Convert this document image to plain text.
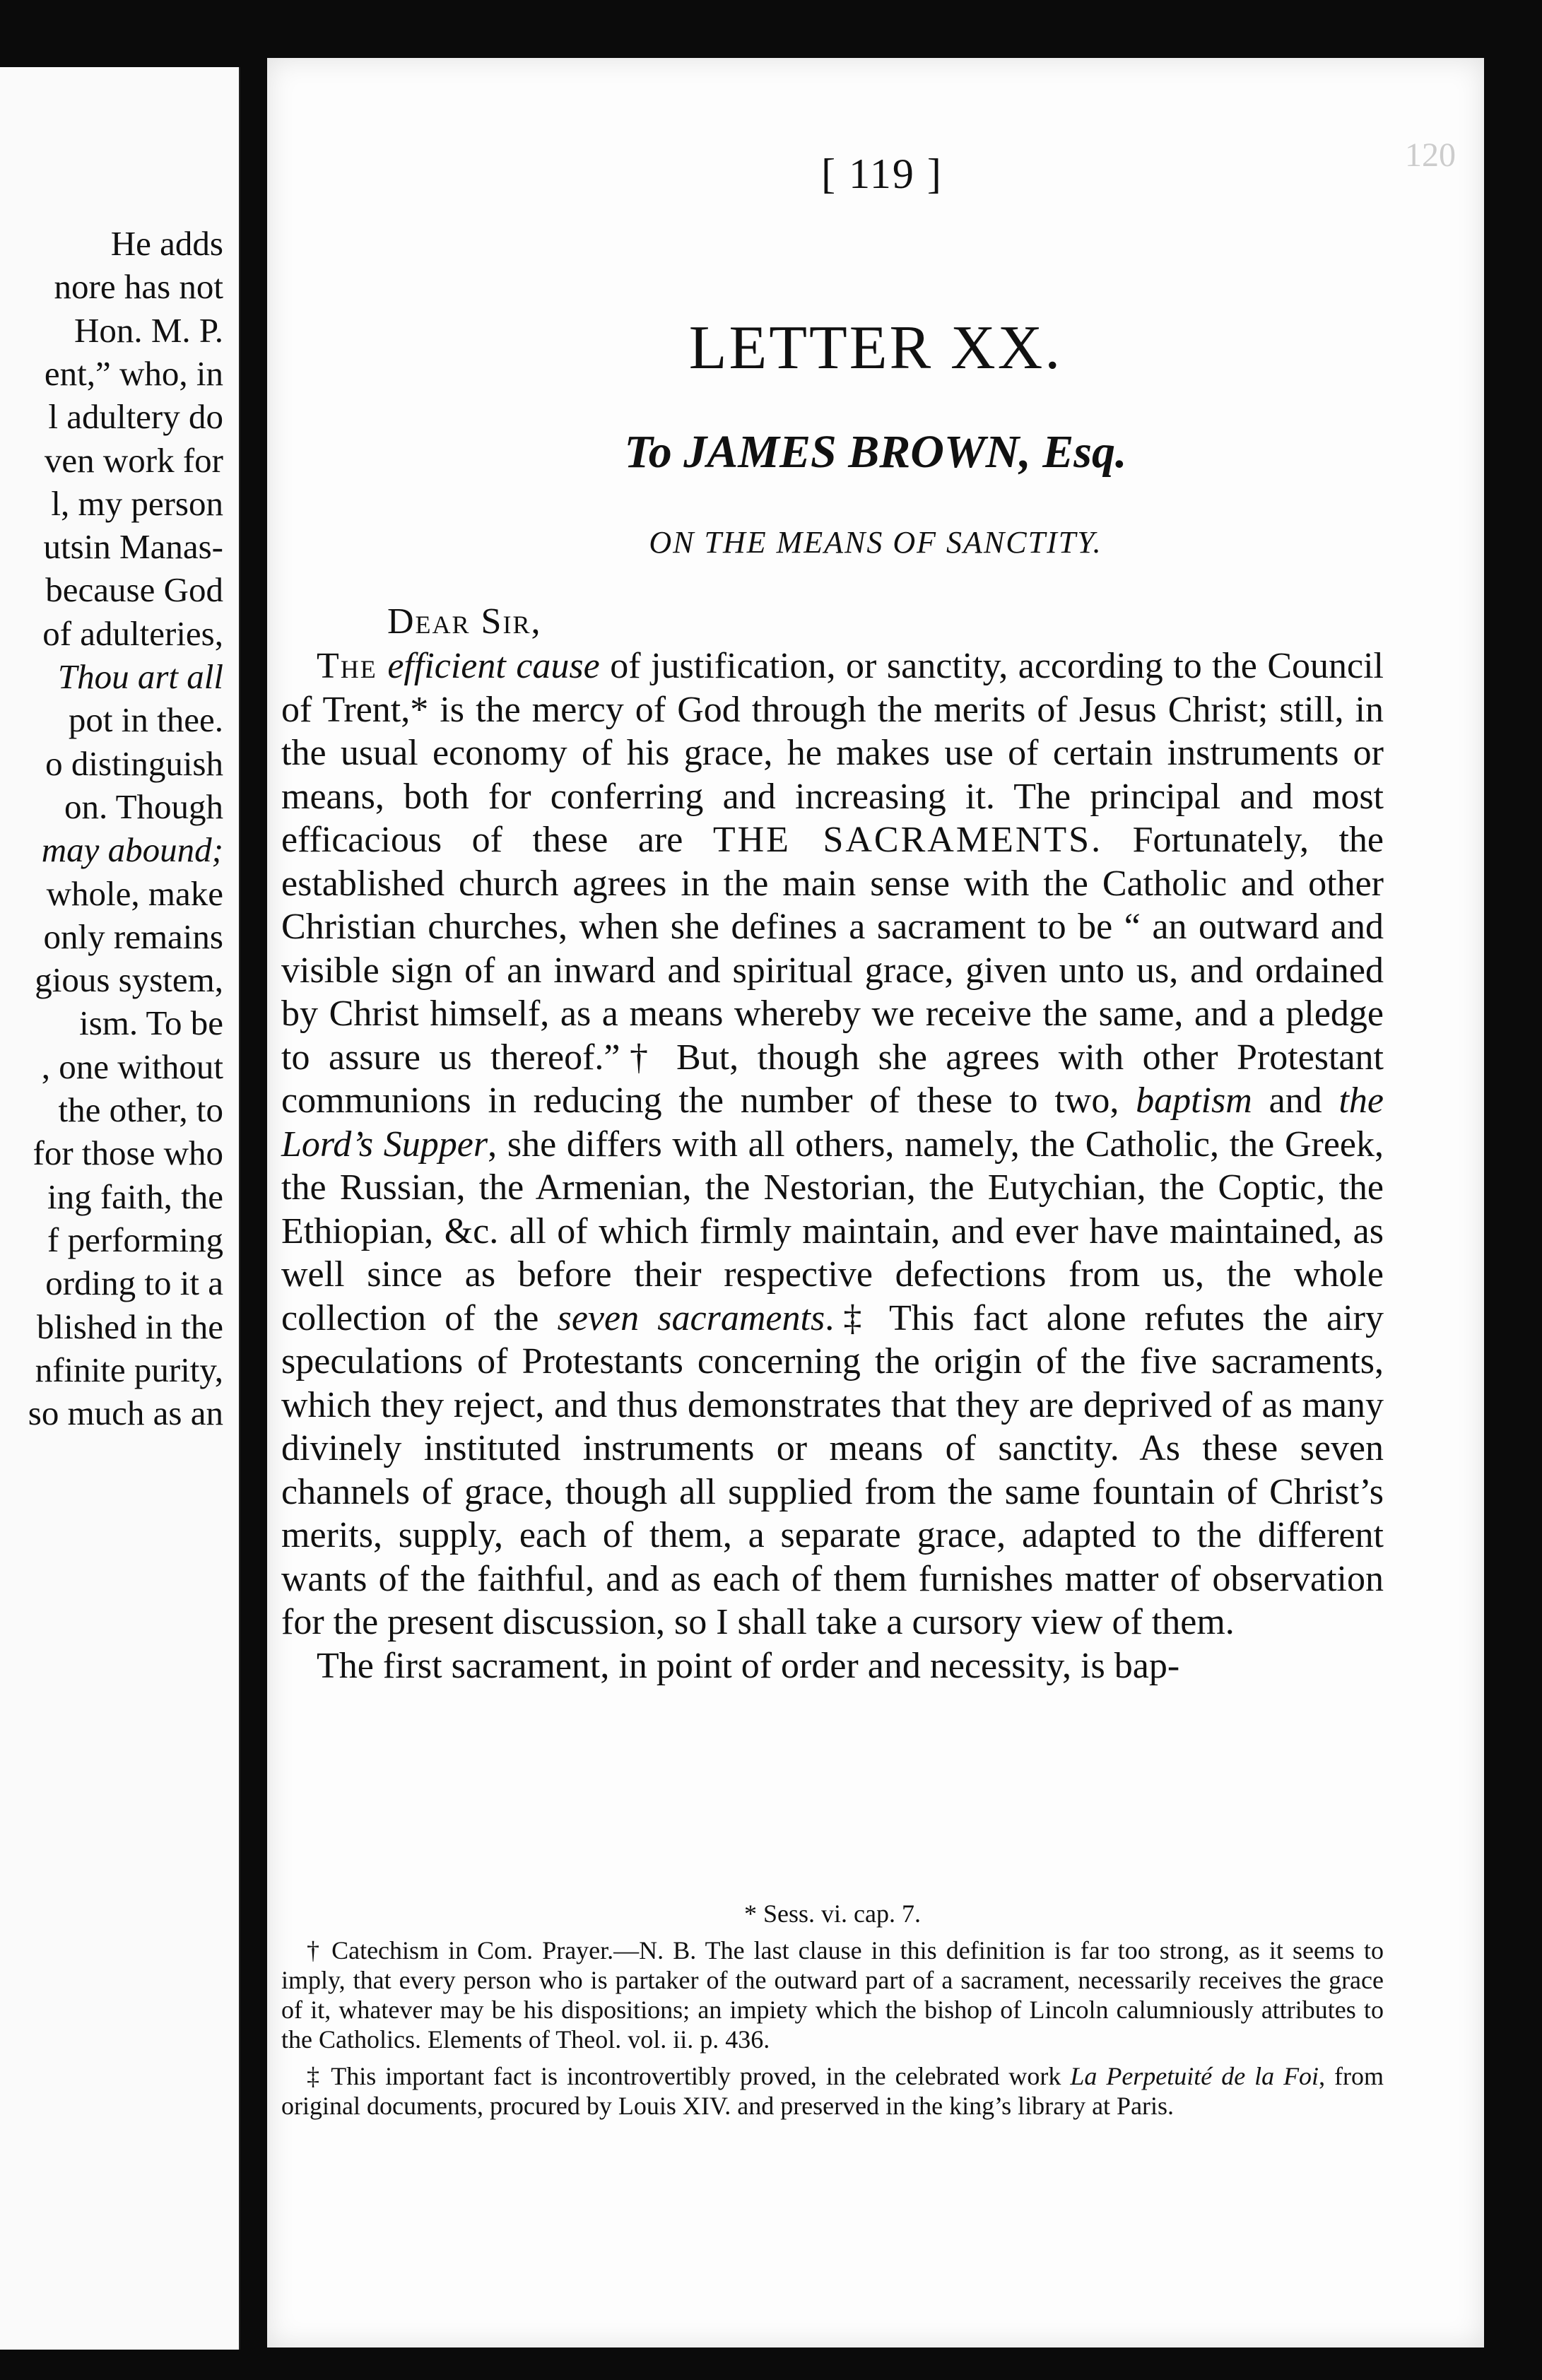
He adds
nore has not
Hon. M. P.
ent,” who, in
l adultery do
ven work for
l, my person
utsin Manas-
because God
of adulteries,
Thou art all
pot in thee.
o distinguish
on. Though
may abound;
whole, make
only remains
gious system,
ism. To be
, one without
the other, to
for those who
ing faith, the
f performing
ording to it a
blished in the
nfinite purity,
so much as an
120
[ 119 ]
LETTER XX.
To JAMES BROWN, Esq.
ON THE MEANS OF SANCTITY.
Dear Sir,

The efficient cause of justification, or sanctity, according to the Council of Trent,* is the mercy of God through the merits of Jesus Christ; still, in the usual economy of his grace, he makes use of certain instruments or means, both for conferring and increasing it. The principal and most efficacious of these are THE SACRAMENTS. Fortunately, the established church agrees in the main sense with the Catholic and other Christian churches, when she defines a sacrament to be “ an outward and visible sign of an inward and spiritual grace, given unto us, and ordained by Christ himself, as a means whereby we receive the same, and a pledge to assure us thereof.”† But, though she agrees with other Protestant communions in reducing the number of these to two, baptism and the Lord’s Supper, she differs with all others, namely, the Catholic, the Greek, the Russian, the Armenian, the Nestorian, the Eutychian, the Coptic, the Ethiopian, &c. all of which firmly maintain, and ever have maintained, as well since as before their respective defections from us, the whole collection of the seven sacraments.‡ This fact alone refutes the airy speculations of Protestants concerning the origin of the five sacraments, which they reject, and thus demonstrates that they are deprived of as many divinely instituted instruments or means of sanctity. As these seven channels of grace, though all supplied from the same fountain of Christ’s merits, supply, each of them, a separate grace, adapted to the different wants of the faithful, and as each of them furnishes matter of observation for the present discussion, so I shall take a cursory view of them.

The first sacrament, in point of order and necessity, is bap-

* Sess. vi. cap. 7.

† Catechism in Com. Prayer.—N. B. The last clause in this definition is far too strong, as it seems to imply, that every person who is partaker of the outward part of a sacrament, necessarily receives the grace of it, whatever may be his dispositions; an impiety which the bishop of Lincoln calumniously attributes to the Catholics. Elements of Theol. vol. ii. p. 436.

‡ This important fact is incontrovertibly proved, in the celebrated work La Perpetuité de la Foi, from original documents, procured by Louis XIV. and preserved in the king’s library at Paris.
